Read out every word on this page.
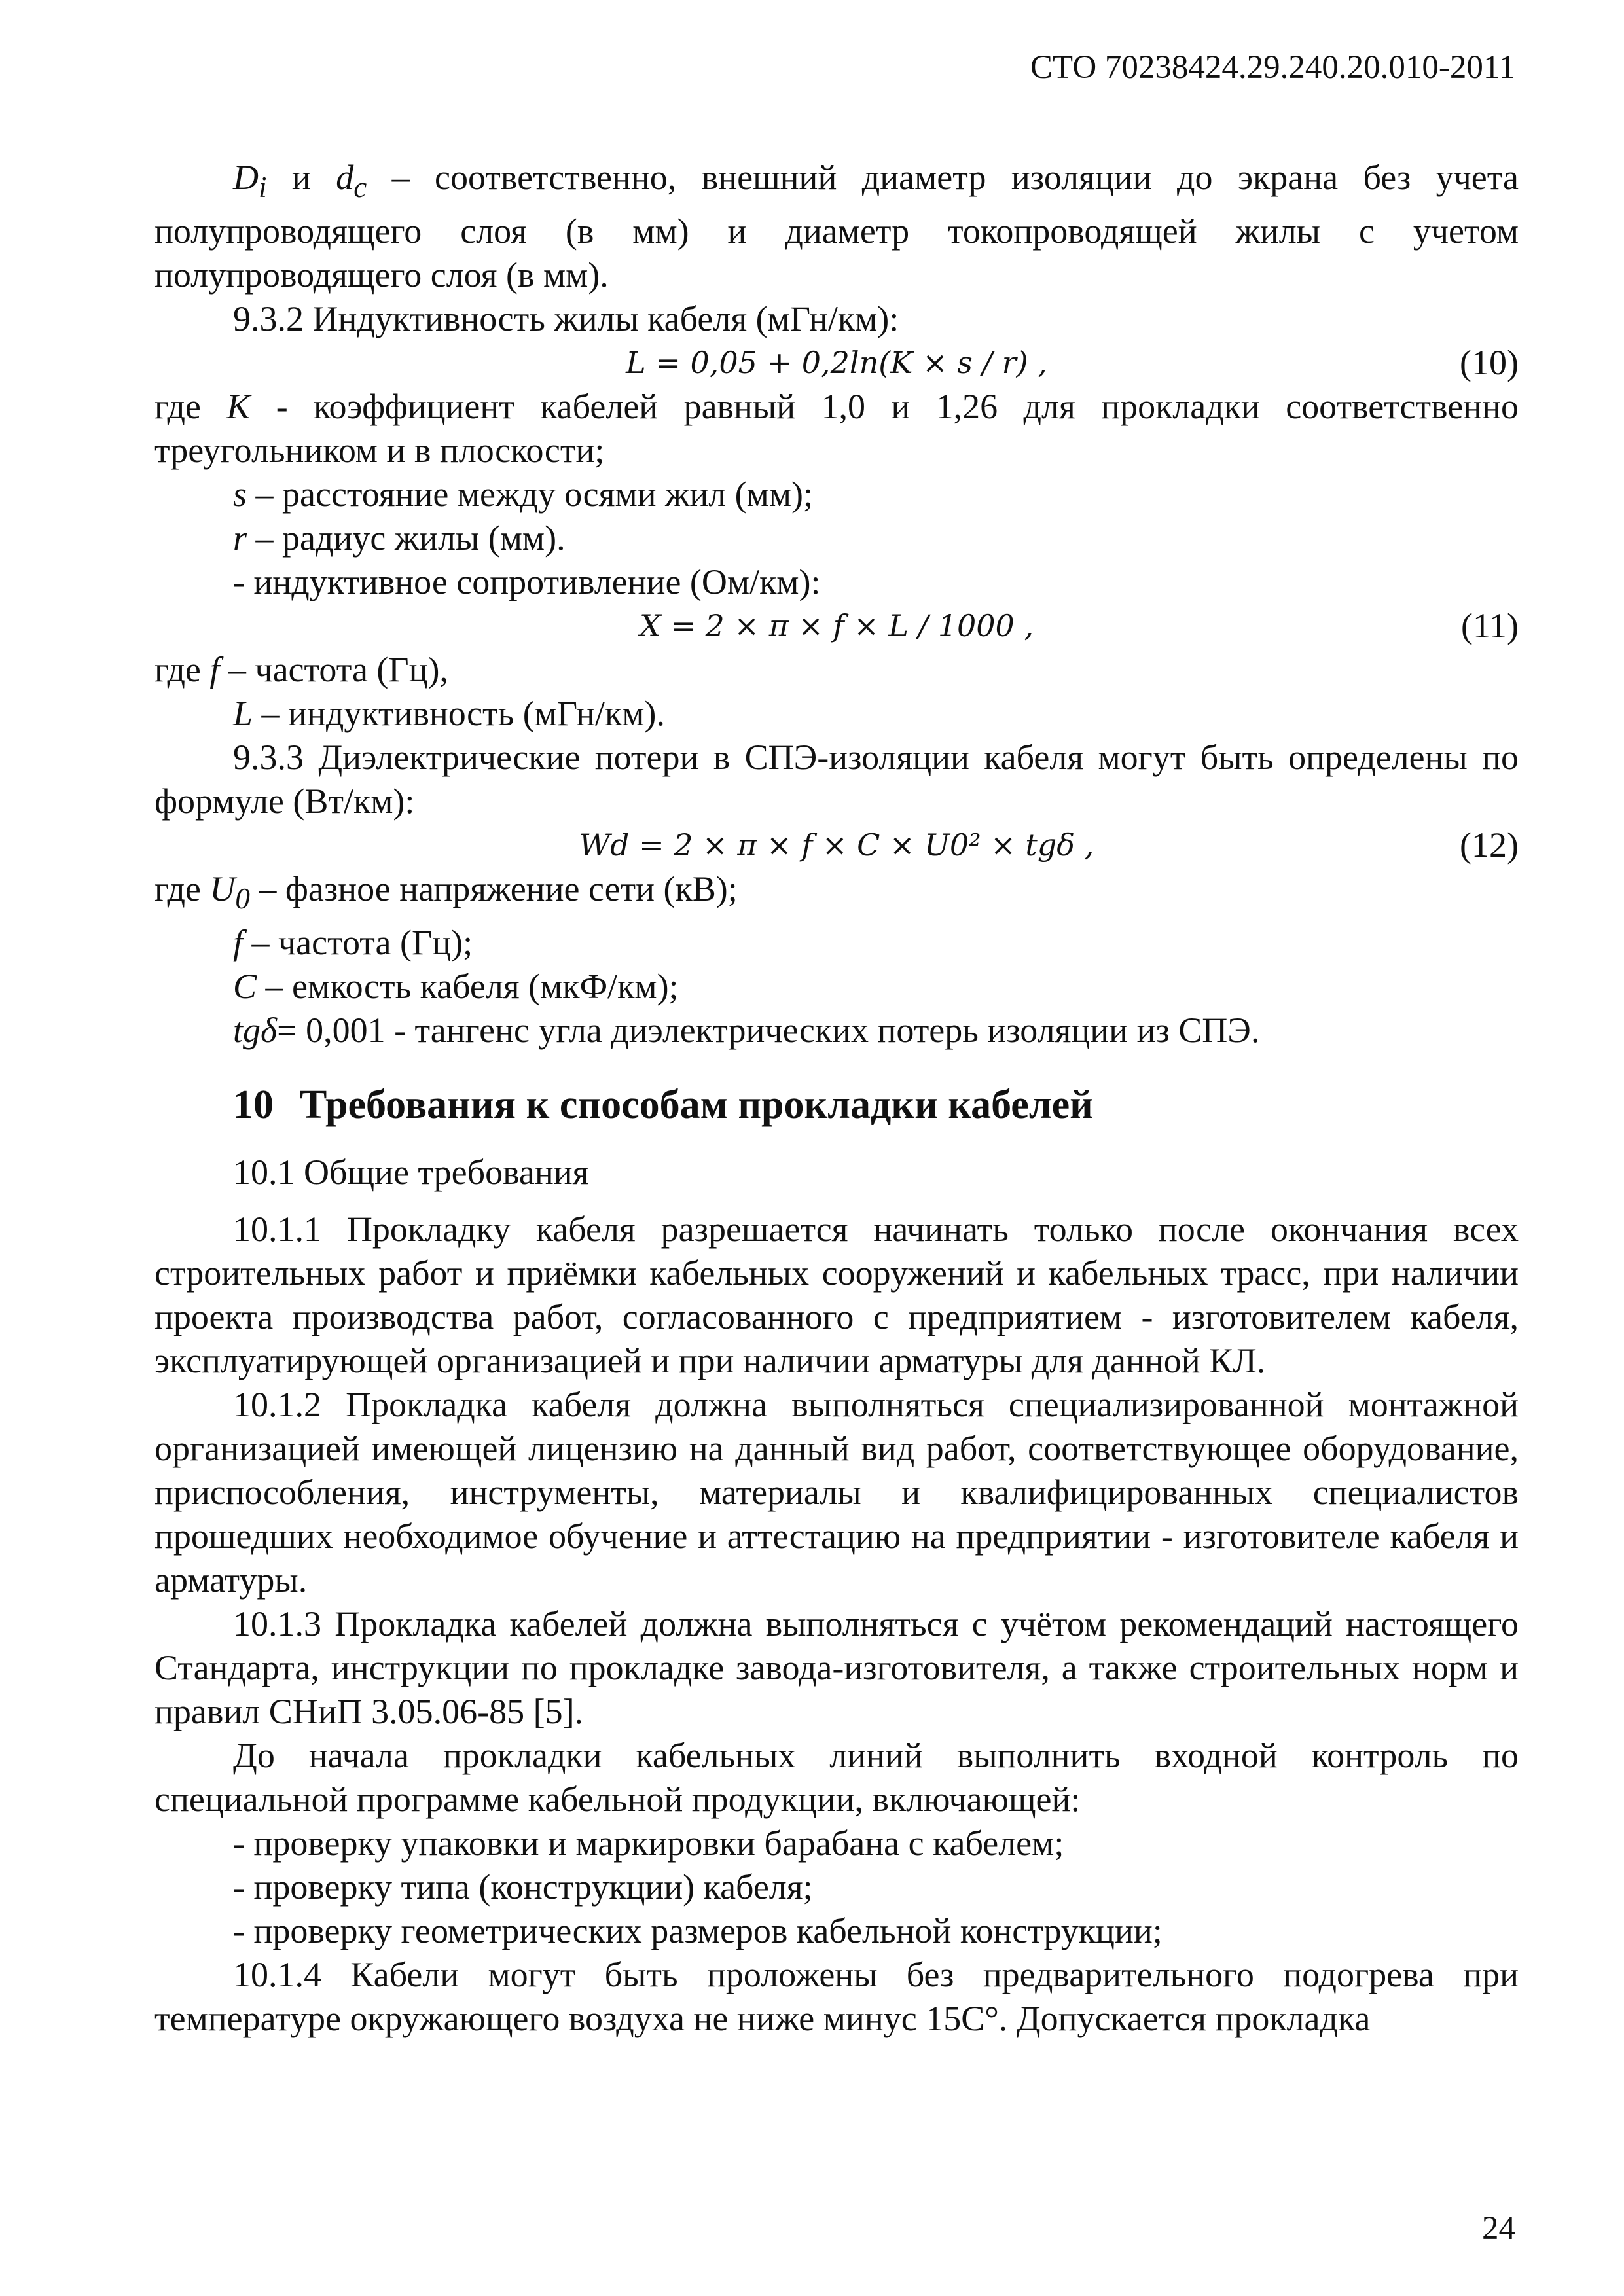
СТО 70238424.29.240.20.010-2011

$D_i$ и $d_c$ – соответственно, внешний диаметр изоляции до экрана без учета полупроводящего слоя (в мм) и диаметр токопроводящей жилы с учетом полупроводящего слоя (в мм).

9.3.2 Индуктивность жилы кабеля (мГн/км):

L = 0,05 + 0,2ln(K × s / r) ,	(10)

где K - коэффициент кабелей равный 1,0 и 1,26 для прокладки соответственно треугольником и в плоскости;

s – расстояние между осями жил (мм);

r – радиус жилы (мм).

- индуктивное сопротивление (Ом/км):

X = 2 × π × f × L / 1000 ,	(11)

где f – частота (Гц),

L – индуктивность (мГн/км).

9.3.3 Диэлектрические потери в СПЭ-изоляции кабеля могут быть определены по формуле (Вт/км):

Wd = 2 × π × f × C × U0² × tgδ ,	(12)

где $U_0$ – фазное напряжение сети (кВ);

f – частота (Гц);

C – емкость кабеля (мкФ/км);

tgδ= 0,001 - тангенс угла диэлектрических потерь изоляции из СПЭ.

10 Требования к способам прокладки кабелей

10.1 Общие требования

10.1.1 Прокладку кабеля разрешается начинать только после окончания всех строительных работ и приёмки кабельных сооружений и кабельных трасс, при наличии проекта производства работ, согласованного с предприятием - изготовителем кабеля, эксплуатирующей организацией и при наличии арматуры для данной КЛ.

10.1.2 Прокладка кабеля должна выполняться специализированной монтажной организацией имеющей лицензию на данный вид работ, соответствующее оборудование, приспособления, инструменты, материалы и квалифицированных специалистов прошедших необходимое обучение и аттестацию на предприятии - изготовителе кабеля и арматуры.

10.1.3 Прокладка кабелей должна выполняться с учётом рекомендаций настоящего Стандарта, инструкции по прокладке завода-изготовителя, а также строительных норм и правил СНиП 3.05.06-85 [5].

До начала прокладки кабельных линий выполнить входной контроль по специальной программе кабельной продукции, включающей:

- проверку упаковки и маркировки барабана с кабелем;

- проверку типа (конструкции) кабеля;

- проверку геометрических размеров кабельной конструкции;

10.1.4 Кабели могут быть проложены без предварительного подогрева при температуре окружающего воздуха не ниже минус 15С°. Допускается прокладка

24
